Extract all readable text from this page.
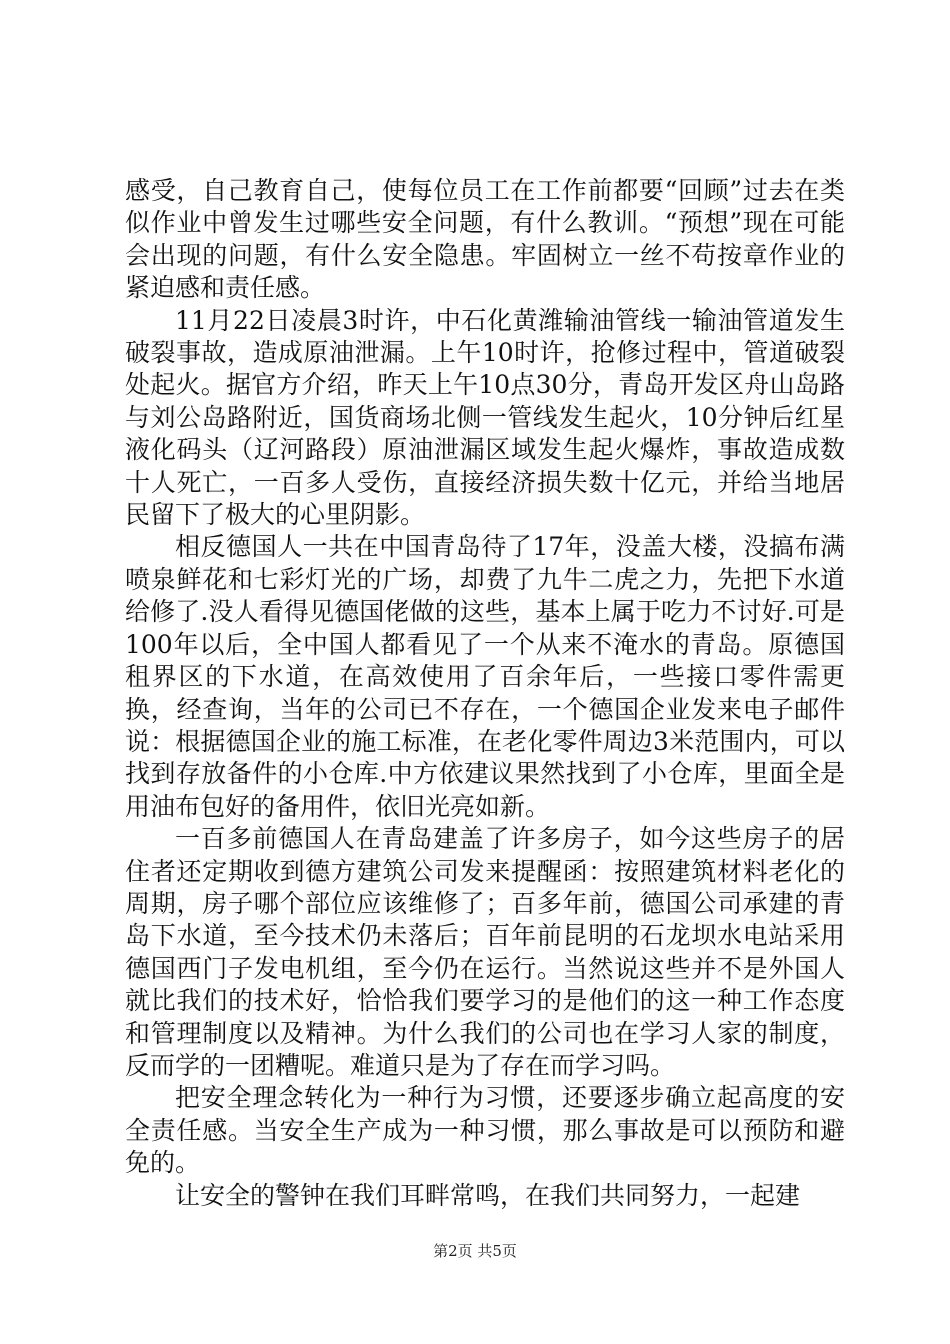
感受，自己教育自己，使每位员工在工作前都要“回顾”过去在类似作业中曾发生过哪些安全问题，有什么教训。“预想”现在可能会出现的问题，有什么安全隐患。牢固树立一丝不苟按章作业的紧迫感和责任感。

11月22日凌晨3时许，中石化黄潍输油管线一输油管道发生破裂事故，造成原油泄漏。上午10时许，抢修过程中，管道破裂处起火。据官方介绍，昨天上午10点30分，青岛开发区舟山岛路与刘公岛路附近，国货商场北侧一管线发生起火，10分钟后红星液化码头（辽河路段）原油泄漏区域发生起火爆炸，事故造成数十人死亡，一百多人受伤，直接经济损失数十亿元，并给当地居民留下了极大的心里阴影。

相反德国人一共在中国青岛待了17年，没盖大楼，没搞布满喷泉鲜花和七彩灯光的广场，却费了九牛二虎之力，先把下水道给修了.没人看得见德国佬做的这些，基本上属于吃力不讨好.可是100年以后，全中国人都看见了一个从来不淹水的青岛。原德国租界区的下水道，在高效使用了百余年后，一些接口零件需更换，经查询，当年的公司已不存在，一个德国企业发来电子邮件说：根据德国企业的施工标准，在老化零件周边3米范围内，可以找到存放备件的小仓库.中方依建议果然找到了小仓库，里面全是用油布包好的备用件，依旧光亮如新。

一百多前德国人在青岛建盖了许多房子，如今这些房子的居住者还定期收到德方建筑公司发来提醒函：按照建筑材料老化的周期，房子哪个部位应该维修了；百多年前，德国公司承建的青岛下水道，至今技术仍未落后；百年前昆明的石龙坝水电站采用德国西门子发电机组，至今仍在运行。当然说这些并不是外国人就比我们的技术好，恰恰我们要学习的是他们的这一种工作态度和管理制度以及精神。为什么我们的公司也在学习人家的制度，反而学的一团糟呢。难道只是为了存在而学习吗。

把安全理念转化为一种行为习惯，还要逐步确立起高度的安全责任感。当安全生产成为一种习惯，那么事故是可以预防和避免的。

让安全的警钟在我们耳畔常鸣，在我们共同努力，一起建

第2页 共5页
